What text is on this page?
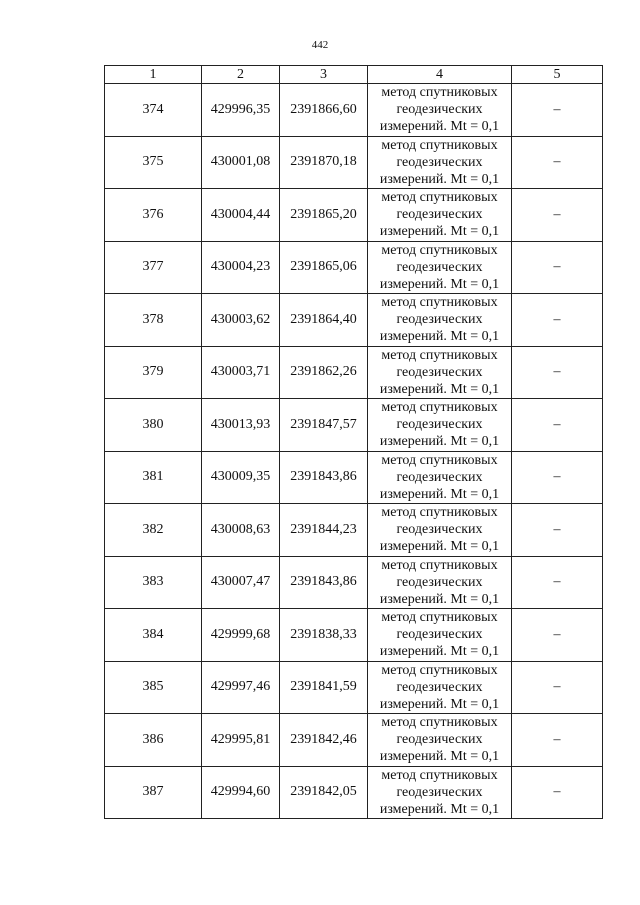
442
1	2	3	4	5
374	429996,35	2391866,60	метод спутниковых
геодезических
измерений. Mt = 0,1	–
375	430001,08	2391870,18	метод спутниковых
геодезических
измерений. Mt = 0,1	–
376	430004,44	2391865,20	метод спутниковых
геодезических
измерений. Mt = 0,1	–
377	430004,23	2391865,06	метод спутниковых
геодезических
измерений. Mt = 0,1	–
378	430003,62	2391864,40	метод спутниковых
геодезических
измерений. Mt = 0,1	–
379	430003,71	2391862,26	метод спутниковых
геодезических
измерений. Mt = 0,1	–
380	430013,93	2391847,57	метод спутниковых
геодезических
измерений. Mt = 0,1	–
381	430009,35	2391843,86	метод спутниковых
геодезических
измерений. Mt = 0,1	–
382	430008,63	2391844,23	метод спутниковых
геодезических
измерений. Mt = 0,1	–
383	430007,47	2391843,86	метод спутниковых
геодезических
измерений. Mt = 0,1	–
384	429999,68	2391838,33	метод спутниковых
геодезических
измерений. Mt = 0,1	–
385	429997,46	2391841,59	метод спутниковых
геодезических
измерений. Mt = 0,1	–
386	429995,81	2391842,46	метод спутниковых
геодезических
измерений. Mt = 0,1	–
387	429994,60	2391842,05	метод спутниковых
геодезических
измерений. Mt = 0,1	–
